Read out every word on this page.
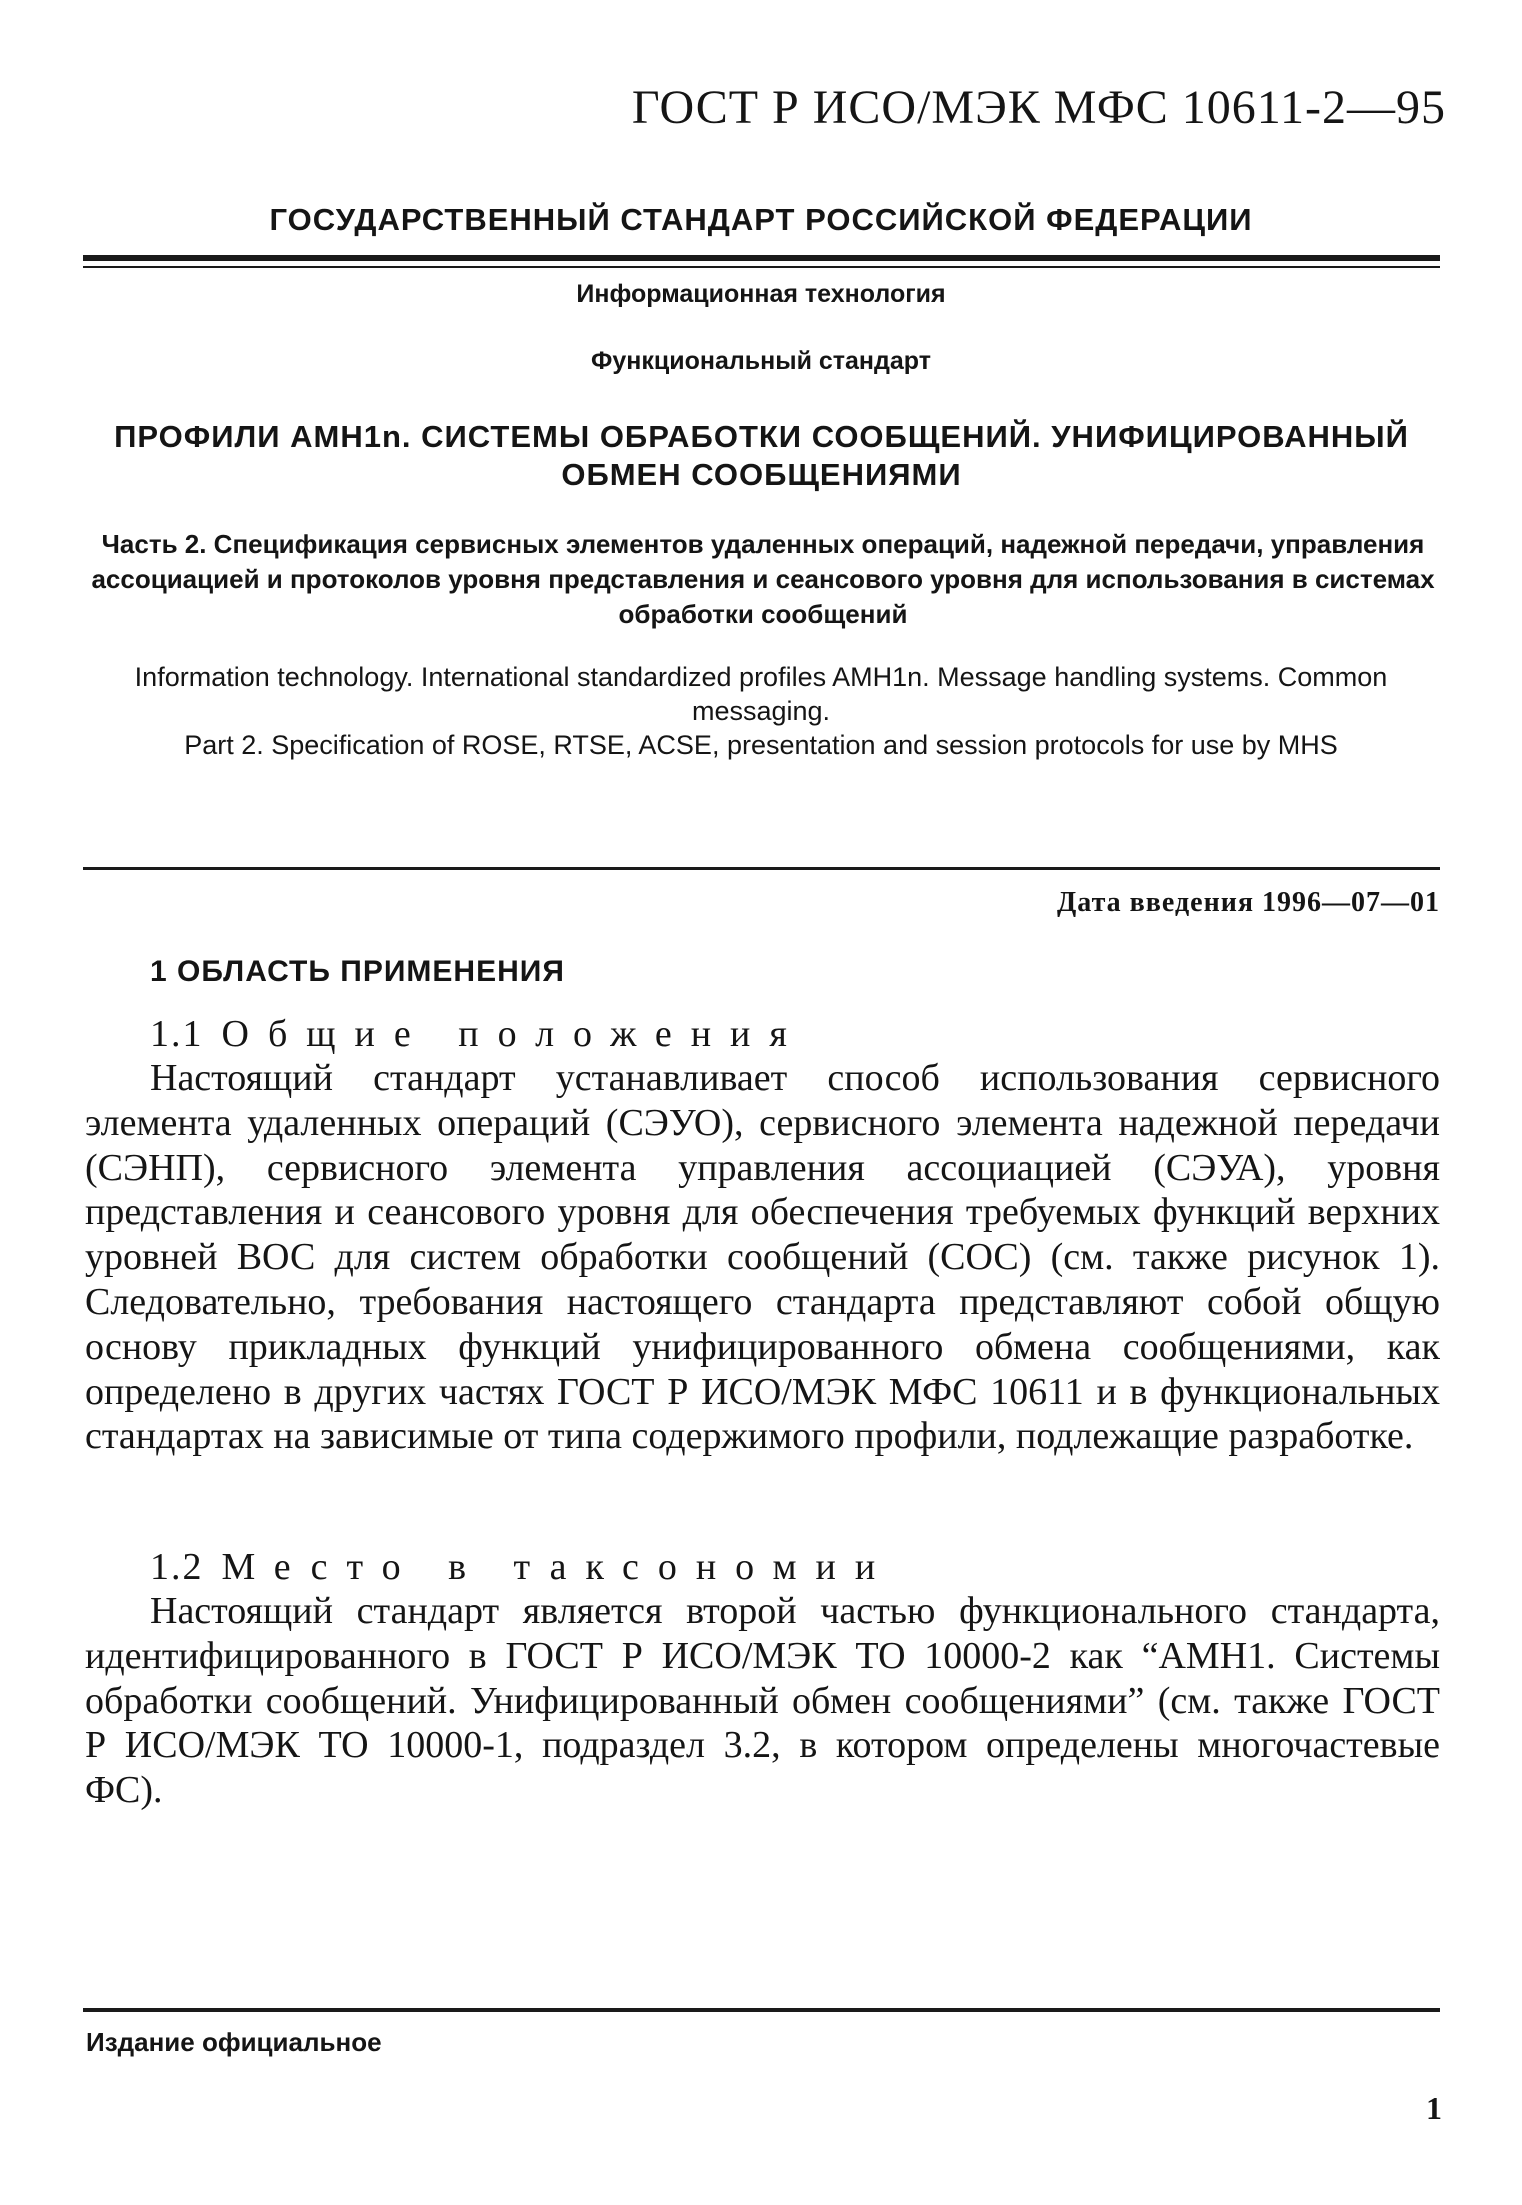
ГОСТ Р ИСО/МЭК МФС 10611-2—95
ГОСУДАРСТВЕННЫЙ СТАНДАРТ РОССИЙСКОЙ ФЕДЕРАЦИИ
Информационная технология
Функциональный стандарт
ПРОФИЛИ АМН1n. СИСТЕМЫ ОБРАБОТКИ СООБЩЕНИЙ. УНИФИЦИРОВАННЫЙ ОБМЕН СООБЩЕНИЯМИ
Часть 2. Спецификация сервисных элементов удаленных операций, надежной передачи, управления ассоциацией и протоколов уровня представления и сеансового уровня для использования в системах обработки сообщений
Information technology. International standardized profiles AMH1n. Message handling systems. Common messaging.
Part 2. Specification of ROSE, RTSE, ACSE, presentation and session protocols for use by MHS
Дата введения 1996—07—01
1 ОБЛАСТЬ ПРИМЕНЕНИЯ
1.1 Общие положения
Настоящий стандарт устанавливает способ использования сервисного элемента удаленных операций (СЭУО), сервисного элемента надежной передачи (СЭНП), сервисного элемента управления ассоциацией (СЭУА), уровня представления и сеансового уровня для обеспечения требуемых функций верхних уровней ВОС для систем обработки сообщений (СОС) (см. также рисунок 1). Следовательно, требования настоящего стандарта представляют собой общую основу прикладных функций унифицированного обмена сообщениями, как определено в других частях ГОСТ Р ИСО/МЭК МФС 10611 и в функциональных стандартах на зависимые от типа содержимого профили, подлежащие разработке.
1.2 Место в таксономии
Настоящий стандарт является второй частью функционального стандарта, идентифицированного в ГОСТ Р ИСО/МЭК ТО 10000-2 как “АМН1. Системы обработки сообщений. Унифицированный обмен сообщениями” (см. также ГОСТ Р ИСО/МЭК ТО 10000-1, подраздел 3.2, в котором определены многочастевые ФС).
Издание официальное
1
